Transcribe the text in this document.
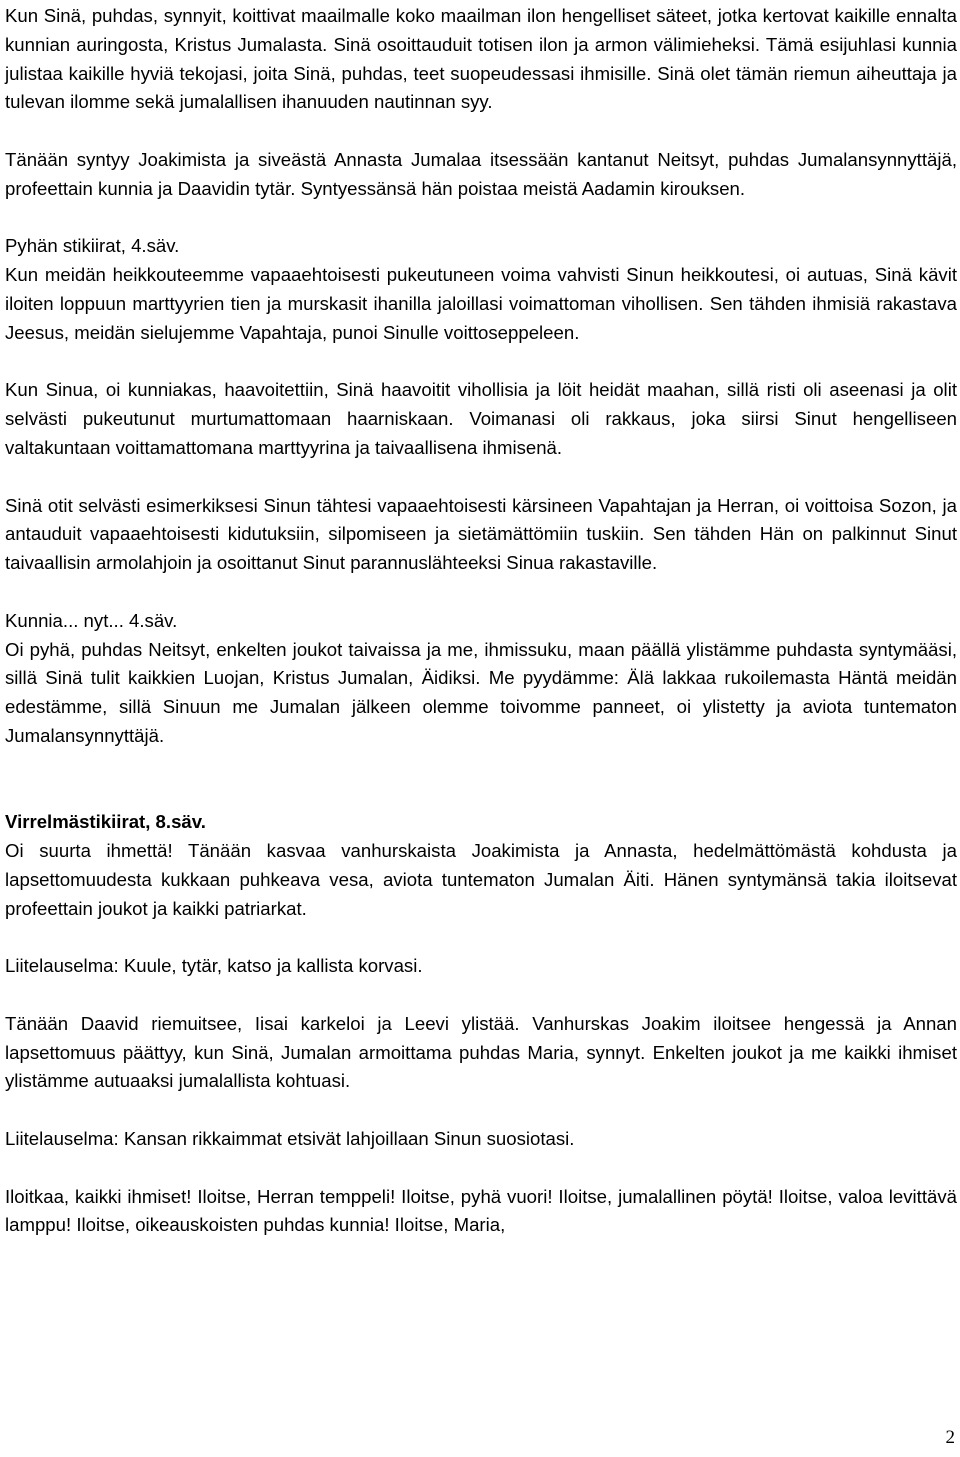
Kun Sinä, puhdas, synnyit, koittivat maailmalle koko maailman ilon hengelliset säteet, jotka kertovat kaikille ennalta kunnian auringosta, Kristus Jumalasta. Sinä osoittauduit totisen ilon ja armon välimieheksi. Tämä esijuhlasi kunnia julistaa kaikille hyviä tekojasi, joita Sinä, puhdas, teet suopeudessasi ihmisille. Sinä olet tämän riemun aiheuttaja ja tulevan ilomme sekä jumalallisen ihanuuden nautinnan syy.

Tänään syntyy Joakimista ja siveästä Annasta Jumalaa itsessään kantanut Neitsyt, puhdas Jumalansynnyttäjä, profeettain kunnia ja Daavidin tytär. Syntyessänsä hän poistaa meistä Aadamin kirouksen.

Pyhän stikiirat, 4.säv.

Kun meidän heikkouteemme vapaaehtoisesti pukeutuneen voima vahvisti Sinun heikkoutesi, oi autuas, Sinä kävit iloiten loppuun marttyyrien tien ja murskasit ihanilla jaloillasi voimattoman vihollisen. Sen tähden ihmisiä rakastava Jeesus, meidän sielujemme Vapahtaja, punoi Sinulle voittoseppeleen.

Kun Sinua, oi kunniakas, haavoitettiin, Sinä haavoitit vihollisia ja löit heidät maahan, sillä risti oli aseenasi ja olit selvästi pukeutunut murtumattomaan haarniskaan. Voimanasi oli rakkaus, joka siirsi Sinut hengelliseen valtakuntaan voittamattomana marttyyrina ja taivaallisena ihmisenä.

Sinä otit selvästi esimerkiksesi Sinun tähtesi vapaaehtoisesti kärsineen Vapahtajan ja Herran, oi voittoisa Sozon, ja antauduit vapaaehtoisesti kidutuksiin, silpomiseen ja sietämättömiin tuskiin. Sen tähden Hän on palkinnut Sinut taivaallisin armolahjoin ja osoittanut Sinut parannuslähteeksi Sinua rakastaville.

Kunnia... nyt... 4.säv.

Oi pyhä, puhdas Neitsyt, enkelten joukot taivaissa ja me, ihmissuku, maan päällä ylistämme puhdasta syntymääsi, sillä Sinä tulit kaikkien Luojan, Kristus Jumalan, Äidiksi. Me pyydämme: Älä lakkaa rukoilemasta Häntä meidän edestämme, sillä Sinuun me Jumalan jälkeen olemme toivomme panneet, oi ylistetty ja aviota tuntematon Jumalansynnyttäjä.

Virrelmästikiirat, 8.säv.

Oi suurta ihmettä! Tänään kasvaa vanhurskaista Joakimista ja Annasta, hedelmättömästä kohdusta ja lapsettomuudesta kukkaan puhkeava vesa, aviota tuntematon Jumalan Äiti. Hänen syntymänsä takia iloitsevat profeettain joukot ja kaikki patriarkat.

Liitelauselma: Kuule, tytär, katso ja kallista korvasi.

Tänään Daavid riemuitsee, Iisai karkeloi ja Leevi ylistää. Vanhurskas Joakim iloitsee hengessä ja Annan lapsettomuus päättyy, kun Sinä, Jumalan armoittama puhdas Maria, synnyt. Enkelten joukot ja me kaikki ihmiset ylistämme autuaaksi jumalallista kohtuasi.

Liitelauselma: Kansan rikkaimmat etsivät lahjoillaan Sinun suosiotasi.

Iloitkaa, kaikki ihmiset! Iloitse, Herran temppeli! Iloitse, pyhä vuori! Iloitse, jumalallinen pöytä! Iloitse, valoa levittävä lamppu! Iloitse, oikeauskoisten puhdas kunnia! Iloitse, Maria,

2
